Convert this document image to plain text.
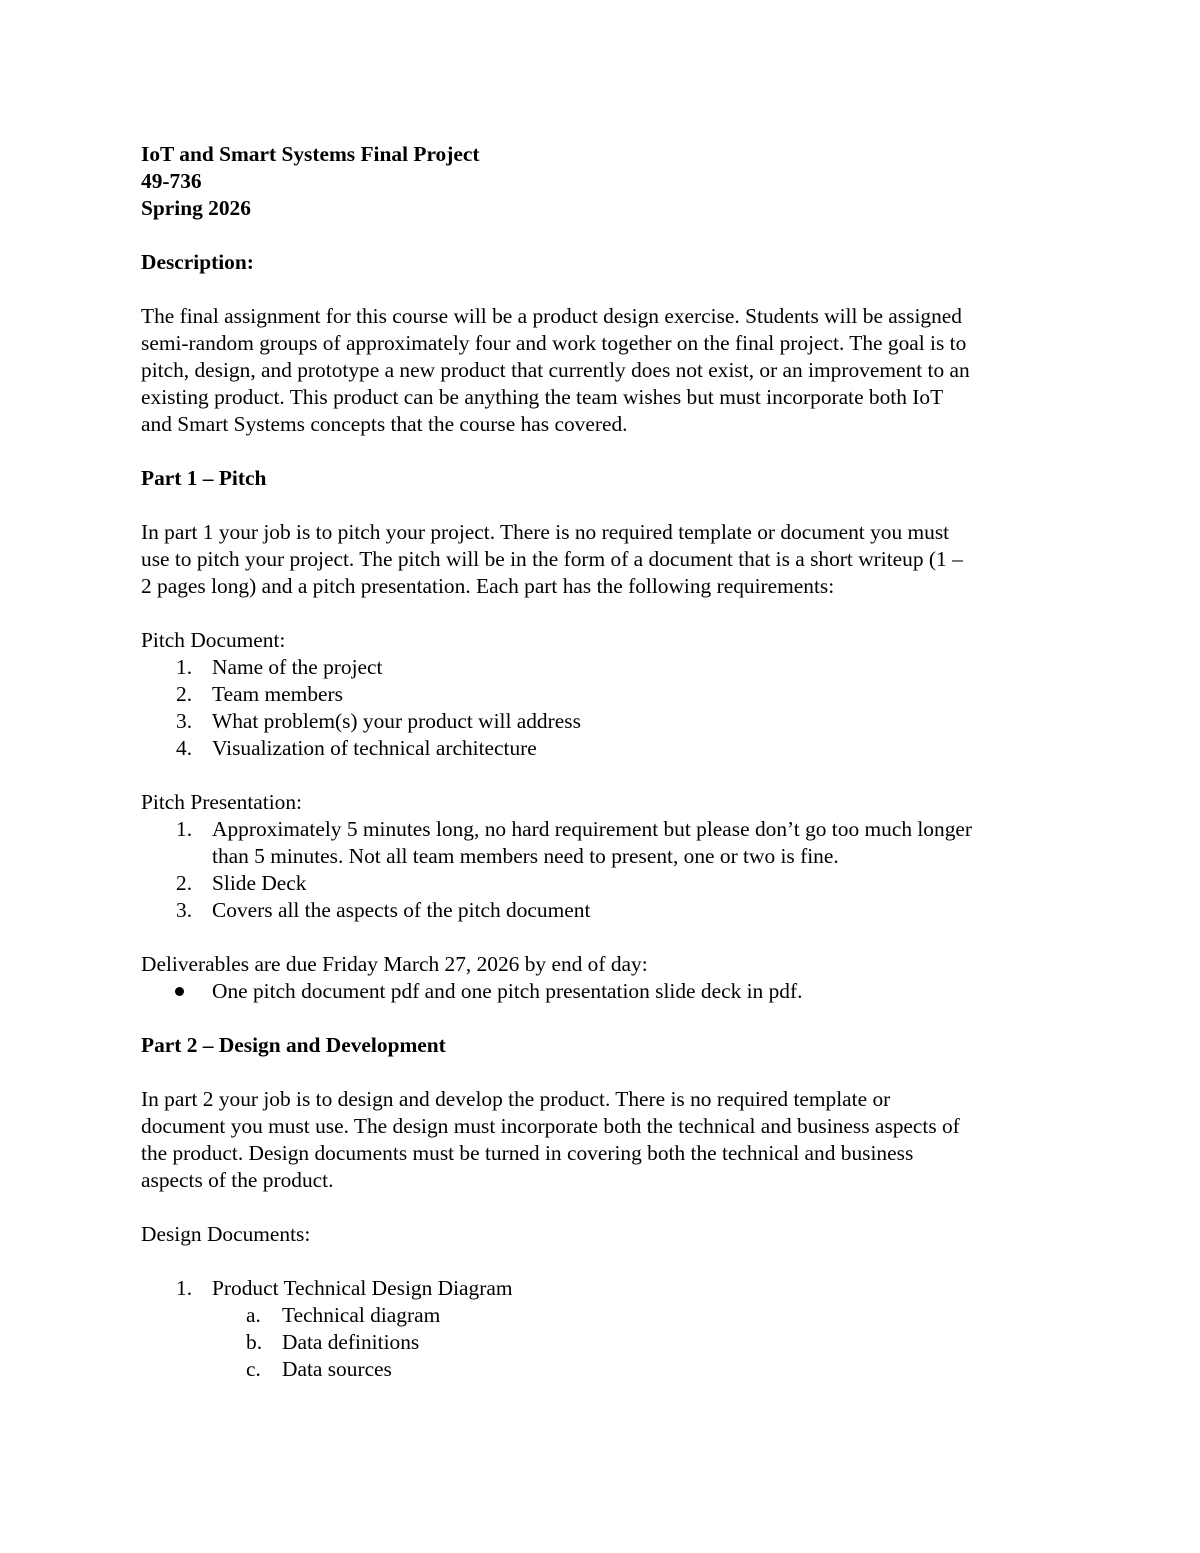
IoT and Smart Systems Final Project
49-736
Spring 2026
Description:
The final assignment for this course will be a product design exercise. Students will be assigned
semi-random groups of approximately four and work together on the final project. The goal is to
pitch, design, and prototype a new product that currently does not exist, or an improvement to an
existing product. This product can be anything the team wishes but must incorporate both IoT
and Smart Systems concepts that the course has covered.
Part 1 – Pitch
In part 1 your job is to pitch your project. There is no required template or document you must
use to pitch your project. The pitch will be in the form of a document that is a short writeup (1 –
2 pages long) and a pitch presentation. Each part has the following requirements:
Pitch Document:
1. Name of the project
2. Team members
3. What problem(s) your product will address
4. Visualization of technical architecture
Pitch Presentation:
1. Approximately 5 minutes long, no hard requirement but please don’t go too much longer
than 5 minutes. Not all team members need to present, one or two is fine.
2. Slide Deck
3. Covers all the aspects of the pitch document
Deliverables are due Friday March 27, 2026 by end of day:
One pitch document pdf and one pitch presentation slide deck in pdf.
Part 2 – Design and Development
In part 2 your job is to design and develop the product. There is no required template or
document you must use. The design must incorporate both the technical and business aspects of
the product. Design documents must be turned in covering both the technical and business
aspects of the product.
Design Documents:
1. Product Technical Design Diagram
a. Technical diagram
b. Data definitions
c. Data sources
